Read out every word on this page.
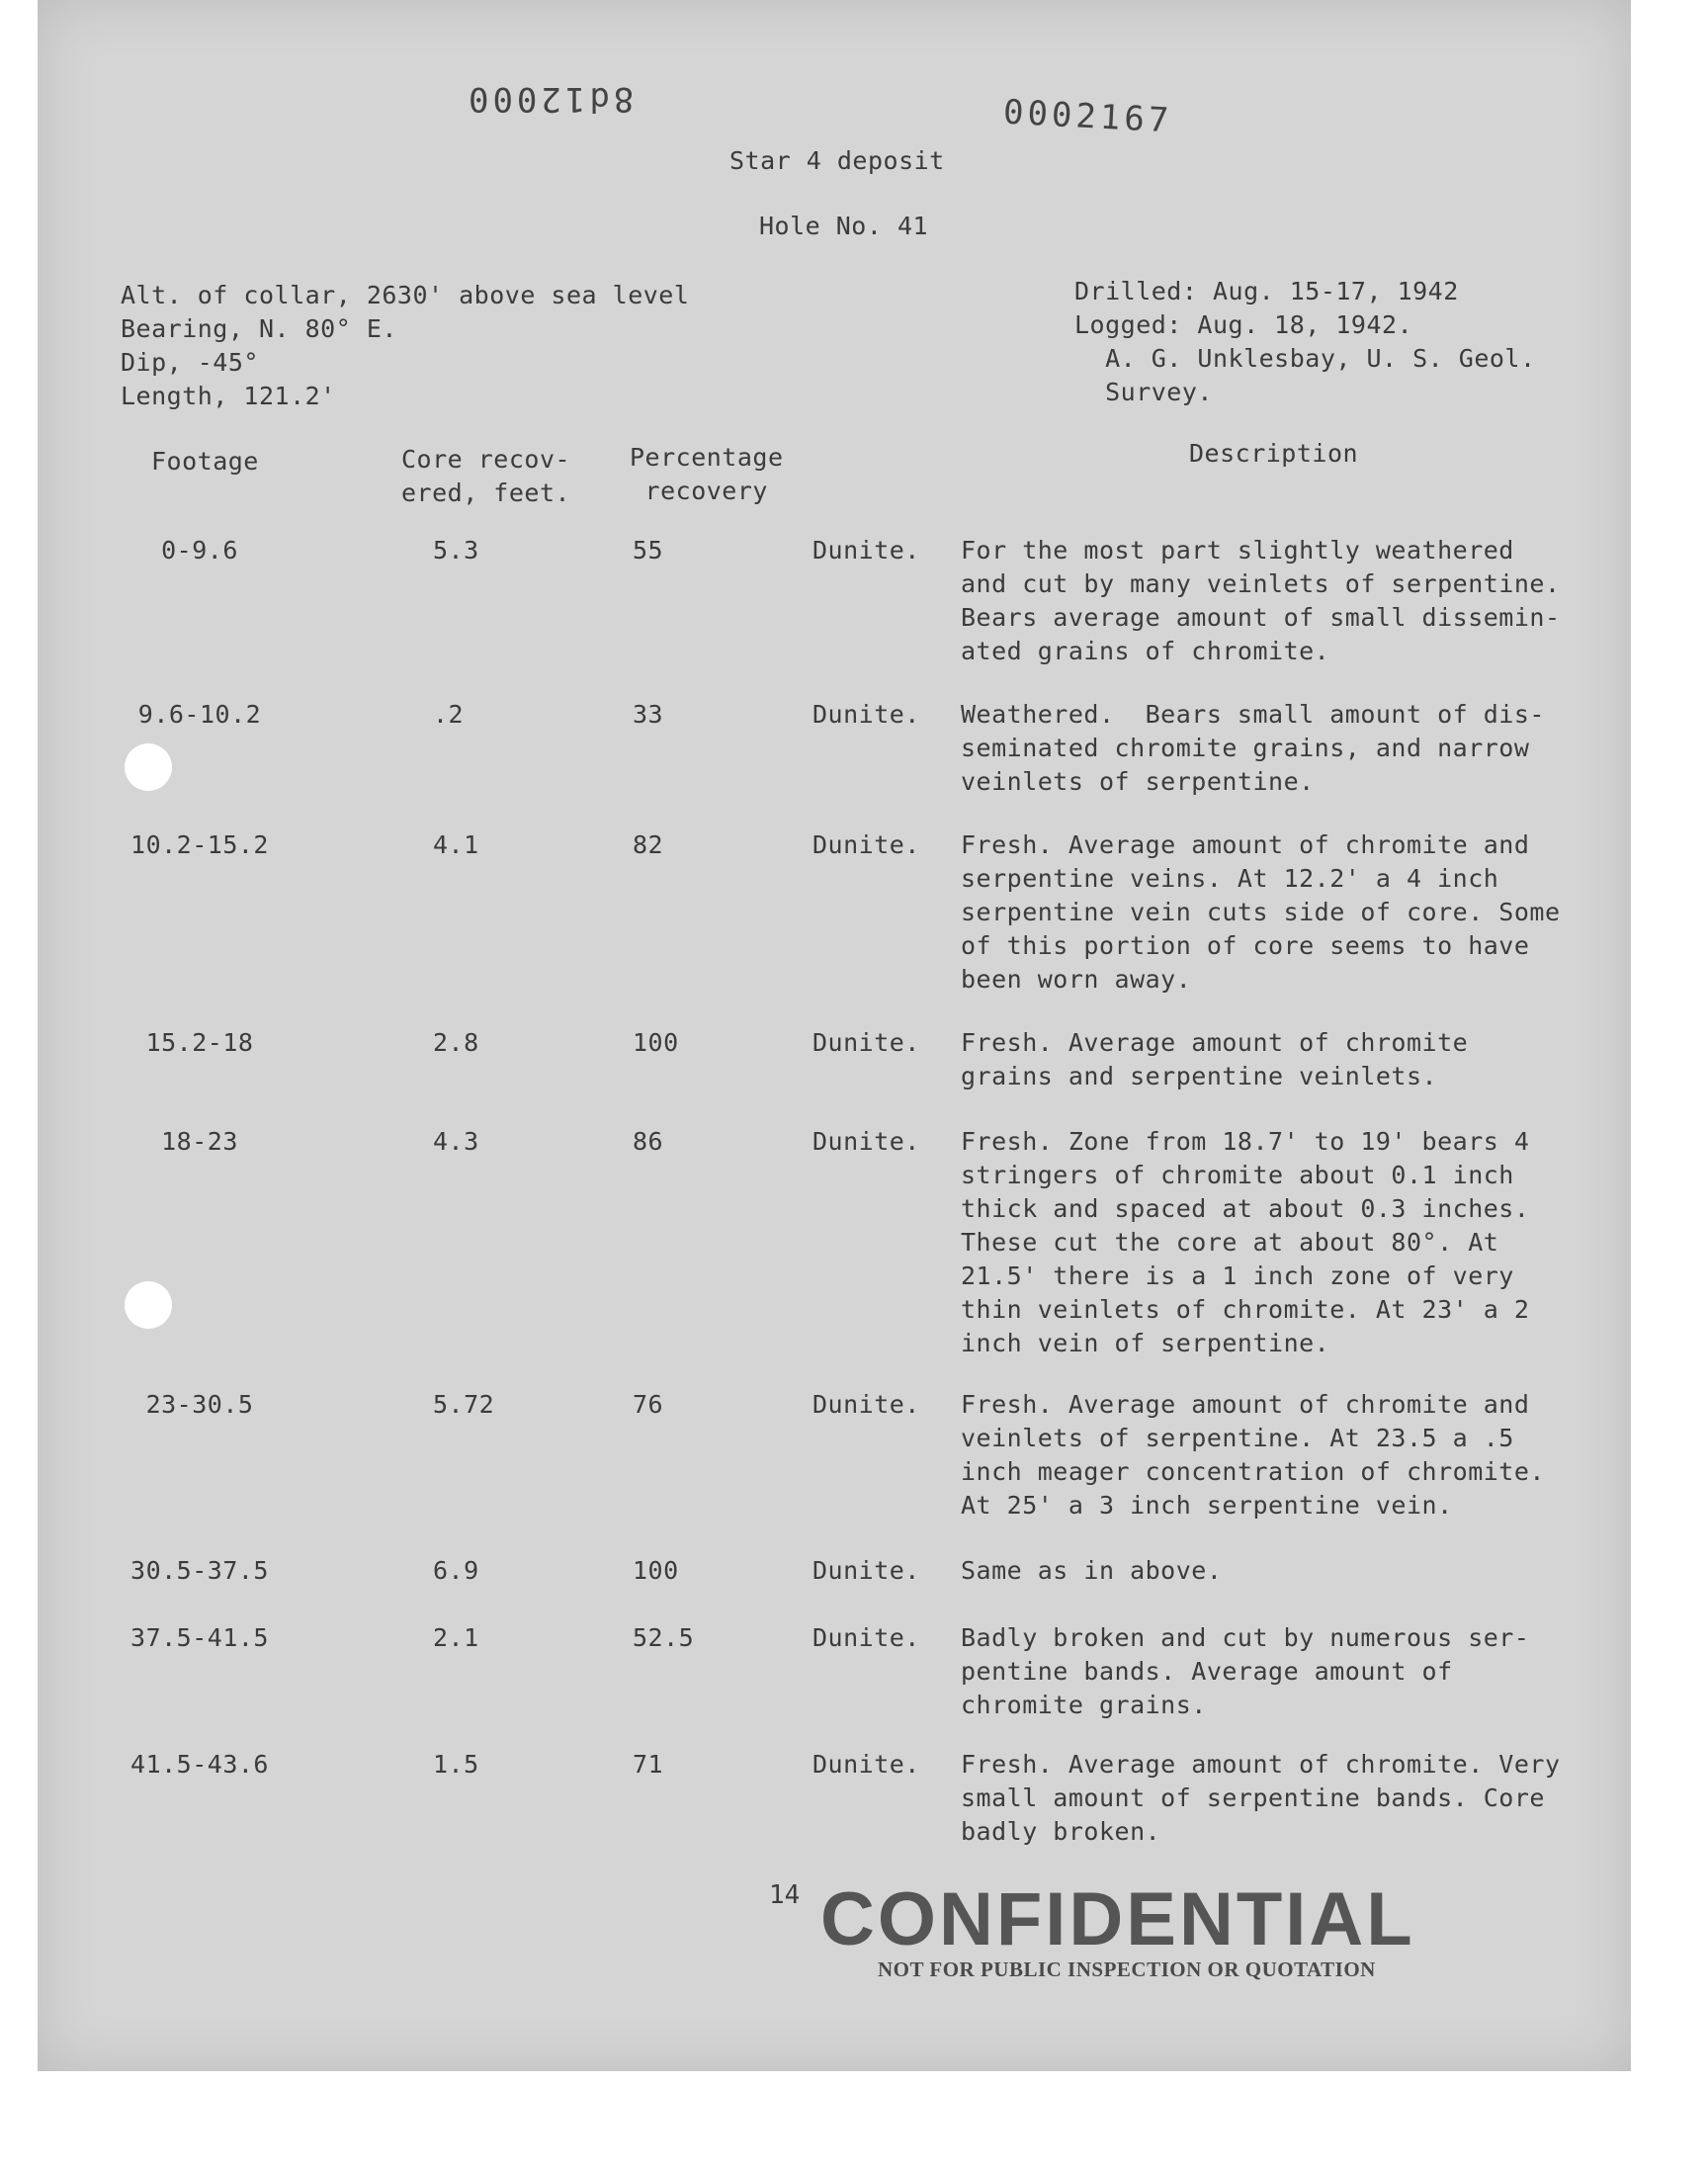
8d12000	0002167
Star 4 deposit
Hole No. 41
Alt. of collar, 2630' above sea level
Bearing, N. 80° E.
Dip, -45°
Length, 121.2'
Drilled: Aug. 15-17, 1942
Logged: Aug. 18, 1942.
A. G. Unklesbay, U. S. Geol.
Survey.
Footage	Core recov-
ered, feet.
Percentage
recovery
Description
0-9.6	5.3	55	Dunite. For the most part slightly weathered
and cut by many veinlets of serpentine.
Bears average amount of small dissemin-
ated grains of chromite.
9.6-10.2	.2	33	Dunite. Weathered.  Bears small amount of dis-
seminated chromite grains, and narrow
veinlets of serpentine.
10.2-15.2	4.1	82	Dunite. Fresh. Average amount of chromite and
serpentine veins. At 12.2' a 4 inch
serpentine vein cuts side of core. Some
of this portion of core seems to have
been worn away.
15.2-18	2.8	100	Dunite. Fresh. Average amount of chromite
grains and serpentine veinlets.
18-23	4.3	86	Dunite. Fresh. Zone from 18.7' to 19' bears 4
stringers of chromite about 0.1 inch
thick and spaced at about 0.3 inches.
These cut the core at about 80°. At
21.5' there is a 1 inch zone of very
thin veinlets of chromite. At 23' a 2
inch vein of serpentine.
23-30.5	5.72	76	Dunite. Fresh. Average amount of chromite and
veinlets of serpentine. At 23.5 a .5
inch meager concentration of chromite.
At 25' a 3 inch serpentine vein.
30.5-37.5	6.9	100	Dunite. Same as in above.
37.5-41.5	2.1	52.5	Dunite. Badly broken and cut by numerous ser-
pentine bands. Average amount of
chromite grains.
41.5-43.6	1.5	71	Dunite. Fresh. Average amount of chromite. Very
small amount of serpentine bands. Core
badly broken.
14 CONFIDENTIAL
NOT FOR PUBLIC INSPECTION OR QUOTATION
